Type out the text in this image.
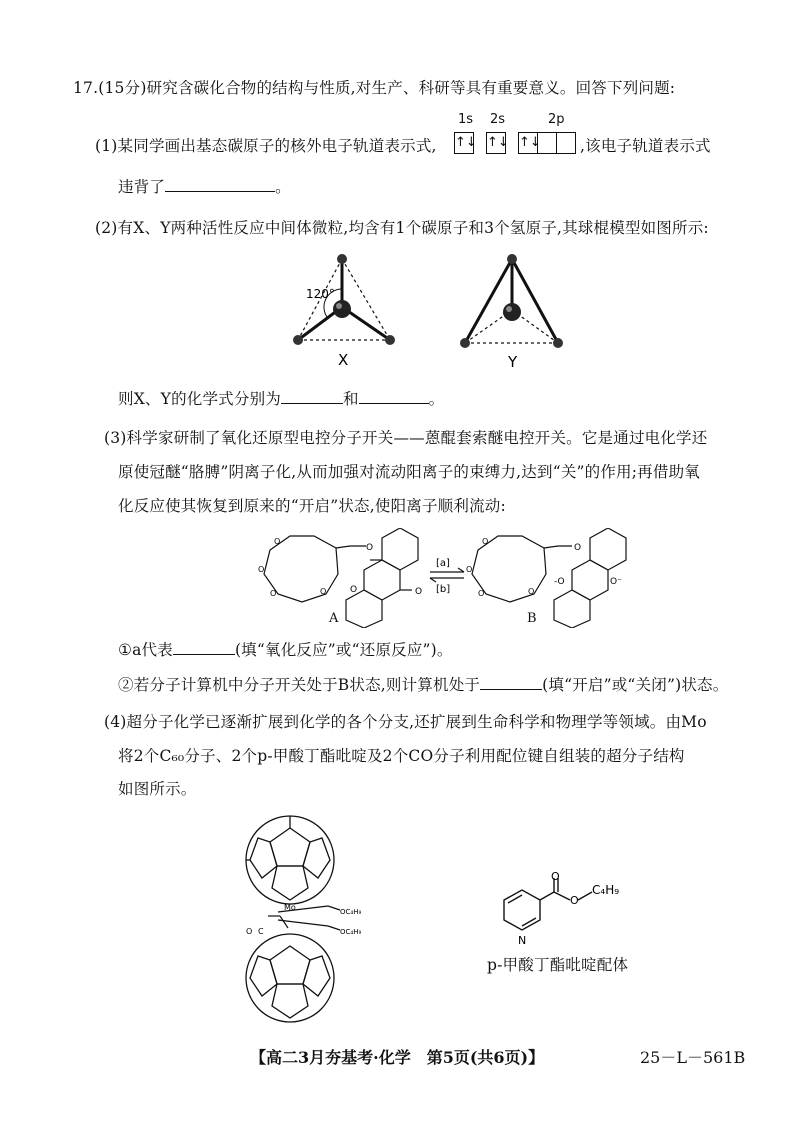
17.(15分)研究含碳化合物的结构与性质,对生产、科研等具有重要意义。回答下列问题:
(1)某同学画出基态碳原子的核外电子轨道表示式,
1s 2s	2p
↑↓ ↑↓ ↑↓	,该电子轨道表示式
违背了	。
(2)有X、Y两种活性反应中间体微粒,均含有1个碳原子和3个氢原子,其球棍模型如图所示:
120°
X	Y
则X、Y的化学式分别为	和	。
(3)科学家研制了氧化还原型电控分子开关——蒽醌套索醚电控开关。它是通过电化学还
原使冠醚“胳膊”阴离子化,从而加强对流动阳离子的束缚力,达到“关”的作用;再借助氧
化反应使其恢复到原来的“开启”状态,使阳离子顺利流动:
O
O
O	O
O
O	O
[a]
[b]
O
O
O	O
O
-O	O⁻
A	B
①a代表	(填“氧化反应”或“还原反应”)。
②若分子计算机中分子开关处于B状态,则计算机处于	(填“开启”或“关闭”)状态。
(4)超分子化学已逐渐扩展到化学的各个分支,还扩展到生命科学和物理学等领域。由Mo
将2个C₆₀分子、2个p-甲酸丁酯吡啶及2个CO分子利用配位键自组装的超分子结构
如图所示。
Mo	OC₄H₉
OC₄H₉
O C
O
O
C₄H₉
N
p-甲酸丁酯吡啶配体
【高二3月夯基考·化学　第5页(共6页)】	25－L－561B
